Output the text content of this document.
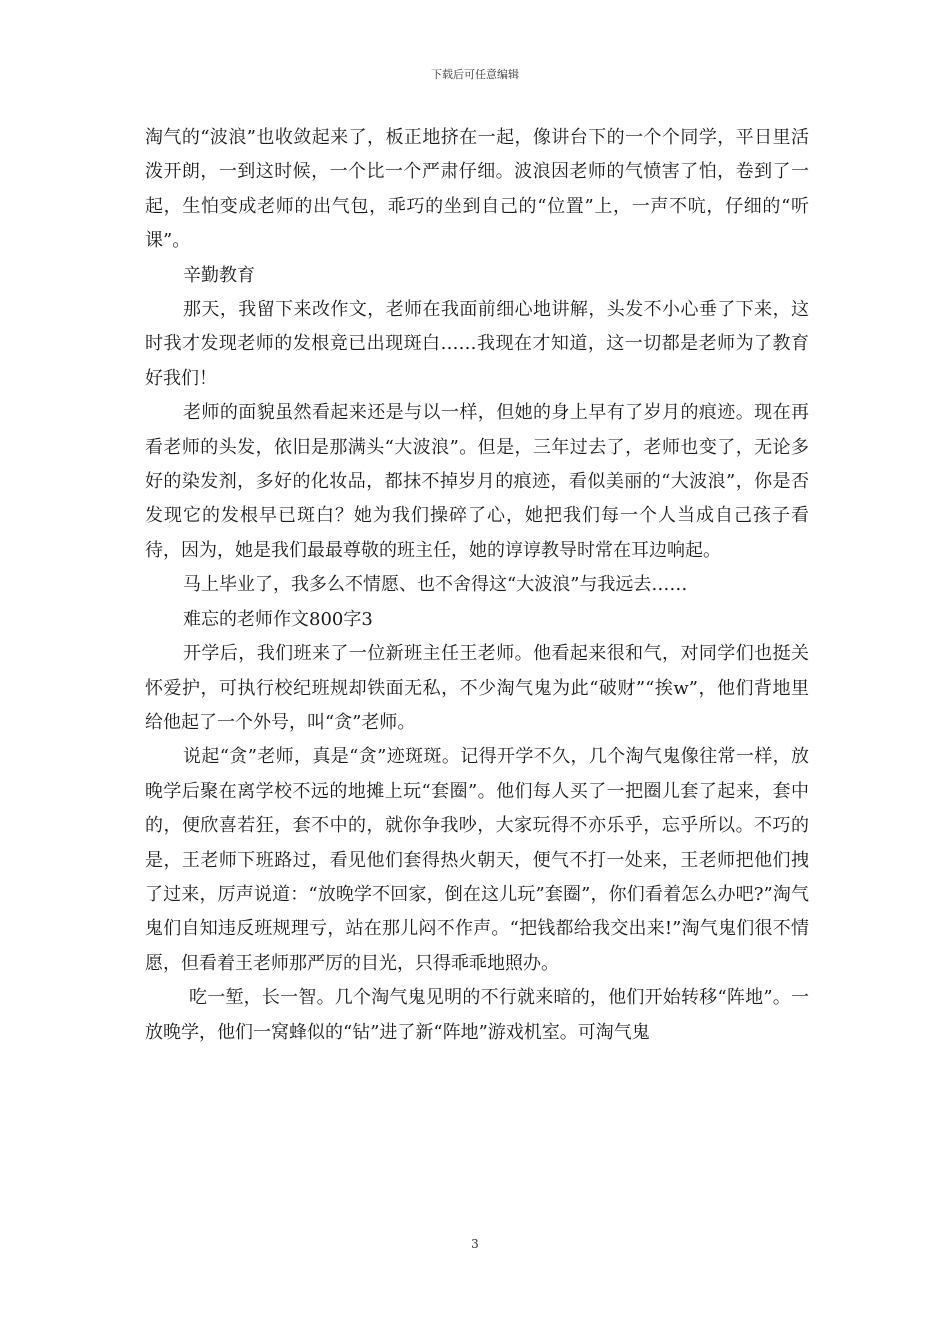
下载后可任意编辑

淘气的“波浪”也收敛起来了，板正地挤在一起，像讲台下的一个个同学，平日里活泼开朗，一到这时候，一个比一个严肃仔细。波浪因老师的气愤害了怕，卷到了一起，生怕变成老师的出气包，乖巧的坐到自己的“位置”上，一声不吭，仔细的“听课”。

辛勤教育

那天，我留下来改作文，老师在我面前细心地讲解，头发不小心垂了下来，这时我才发现老师的发根竟已出现斑白……我现在才知道，这一切都是老师为了教育好我们！

老师的面貌虽然看起来还是与以一样，但她的身上早有了岁月的痕迹。现在再看老师的头发，依旧是那满头“大波浪”。但是，三年过去了，老师也变了，无论多好的染发剂，多好的化妆品，都抹不掉岁月的痕迹，看似美丽的“大波浪”，你是否发现它的发根早已斑白？她为我们操碎了心，她把我们每一个人当成自己孩子看待，因为，她是我们最最尊敬的班主任，她的谆谆教导时常在耳边响起。

马上毕业了，我多么不情愿、也不舍得这“大波浪”与我远去……

难忘的老师作文800字3

开学后，我们班来了一位新班主任王老师。他看起来很和气，对同学们也挺关怀爱护，可执行校纪班规却铁面无私，不少淘气鬼为此“破财”“挨w”，他们背地里给他起了一个外号，叫“贪”老师。

说起“贪”老师，真是“贪”迹斑斑。记得开学不久，几个淘气鬼像往常一样，放晚学后聚在离学校不远的地摊上玩“套圈”。他们每人买了一把圈儿套了起来，套中的，便欣喜若狂，套不中的，就你争我吵，大家玩得不亦乐乎，忘乎所以。不巧的是，王老师下班路过，看见他们套得热火朝天，便气不打一处来，王老师把他们拽了过来，厉声说道：“放晚学不回家，倒在这儿玩”套圈”，你们看着怎么办吧?”淘气鬼们自知违反班规理亏，站在那儿闷不作声。“把钱都给我交出来!”淘气鬼们很不情愿，但看着王老师那严厉的目光，只得乖乖地照办。

吃一堑，长一智。几个淘气鬼见明的不行就来暗的，他们开始转移“阵地”。一放晚学，他们一窝蜂似的“钻”进了新“阵地”游戏机室。可淘气鬼

3
